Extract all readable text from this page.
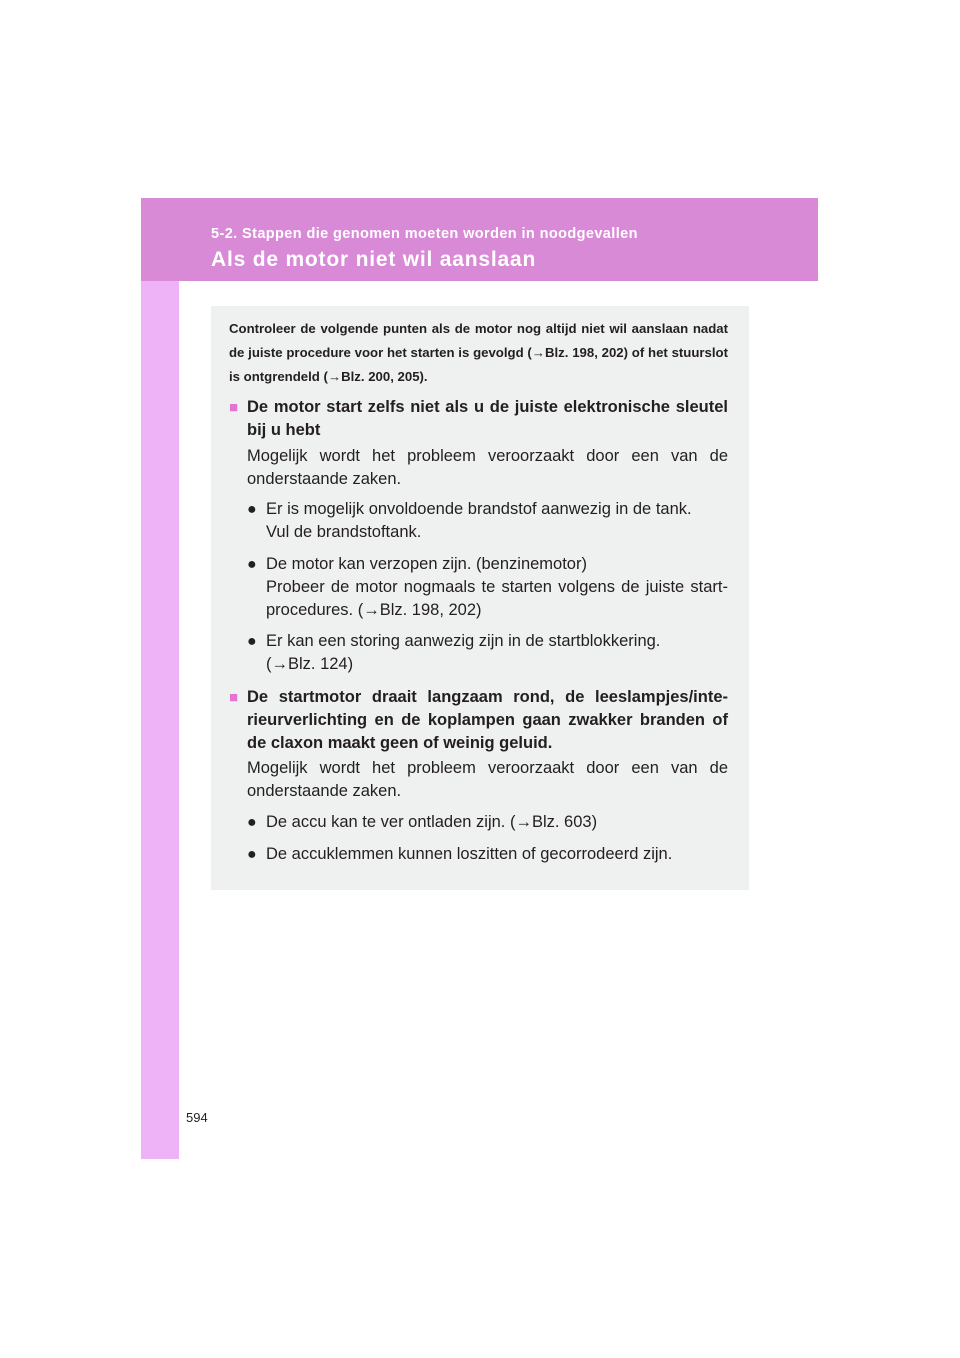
5-2. Stappen die genomen moeten worden in noodgevallen
Als de motor niet wil aanslaan
Controleer de volgende punten als de motor nog altijd niet wil aanslaan nadat de juiste procedure voor het starten is gevolgd (→Blz. 198, 202) of het stuurslot is ontgrendeld (→Blz. 200, 205).
■ De motor start zelfs niet als u de juiste elektronische sleutel bij u hebt
Mogelijk wordt het probleem veroorzaakt door een van de onderstaande zaken.
● Er is mogelijk onvoldoende brandstof aanwezig in de tank.
Vul de brandstoftank.
● De motor kan verzopen zijn. (benzinemotor)
Probeer de motor nogmaals te starten volgens de juiste start-procedures. (→Blz. 198, 202)
● Er kan een storing aanwezig zijn in de startblokkering.
(→Blz. 124)
■ De startmotor draait langzaam rond, de leeslampjes/inte-rieurverlichting en de koplampen gaan zwakker branden of de claxon maakt geen of weinig geluid.
Mogelijk wordt het probleem veroorzaakt door een van de onderstaande zaken.
● De accu kan te ver ontladen zijn. (→Blz. 603)
● De accuklemmen kunnen loszitten of gecorrodeerd zijn.
594
